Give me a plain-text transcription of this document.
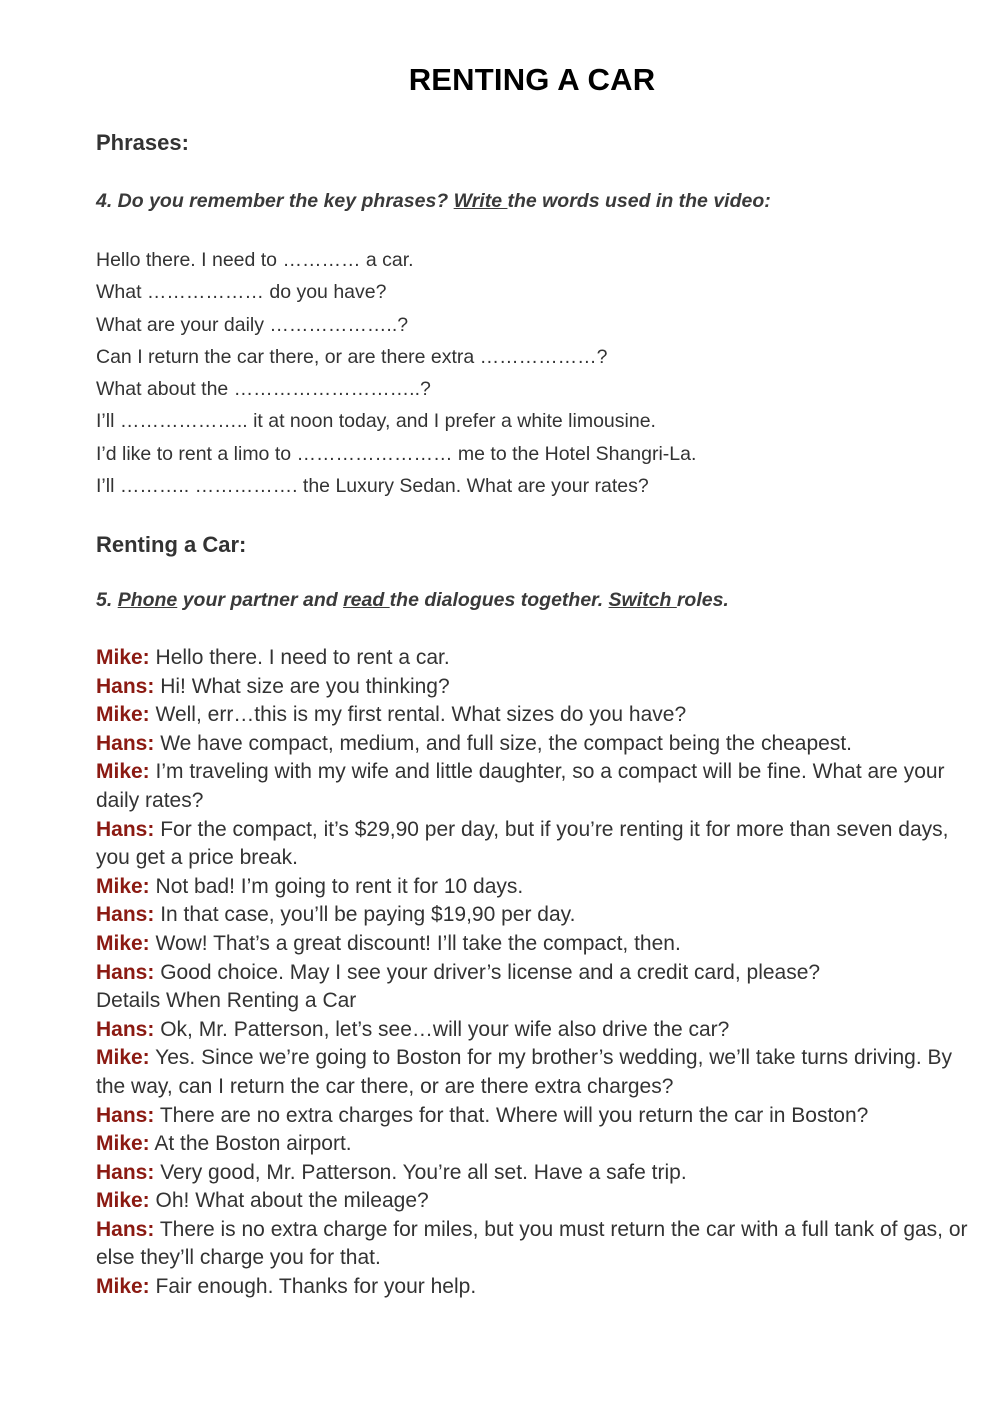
RENTING A CAR
Phrases:
4. Do you remember the key phrases? Write the words used in the video:
Hello there. I need to ………… a car.
What ……………… do you have?
What are your daily ………………..?
Can I return the car there, or are there extra ………………?
What about the ………………………..?
I’ll ……………….. it at noon today, and I prefer a white limousine.
I’d like to rent a limo to …………………… me to the Hotel Shangri-La.
I’ll ……….. ……………. the Luxury Sedan. What are your rates?
Renting a Car:
5. Phone your partner and read the dialogues together. Switch roles.
Mike: Hello there. I need to rent a car.
Hans: Hi! What size are you thinking?
Mike: Well, err…this is my first rental. What sizes do you have?
Hans: We have compact, medium, and full size, the compact being the cheapest.
Mike: I’m traveling with my wife and little daughter, so a compact will be fine. What are your daily rates?
Hans: For the compact, it’s $29,90 per day, but if you’re renting it for more than seven days, you get a price break.
Mike: Not bad! I’m going to rent it for 10 days.
Hans: In that case, you’ll be paying $19,90 per day.
Mike: Wow! That’s a great discount! I’ll take the compact, then.
Hans: Good choice. May I see your driver’s license and a credit card, please?
Details When Renting a Car
Hans: Ok, Mr. Patterson, let’s see…will your wife also drive the car?
Mike: Yes. Since we’re going to Boston for my brother’s wedding, we’ll take turns driving. By the way, can I return the car there, or are there extra charges?
Hans: There are no extra charges for that. Where will you return the car in Boston?
Mike: At the Boston airport.
Hans: Very good, Mr. Patterson. You’re all set. Have a safe trip.
Mike: Oh! What about the mileage?
Hans: There is no extra charge for miles, but you must return the car with a full tank of gas, or else they’ll charge you for that.
Mike: Fair enough. Thanks for your help.
